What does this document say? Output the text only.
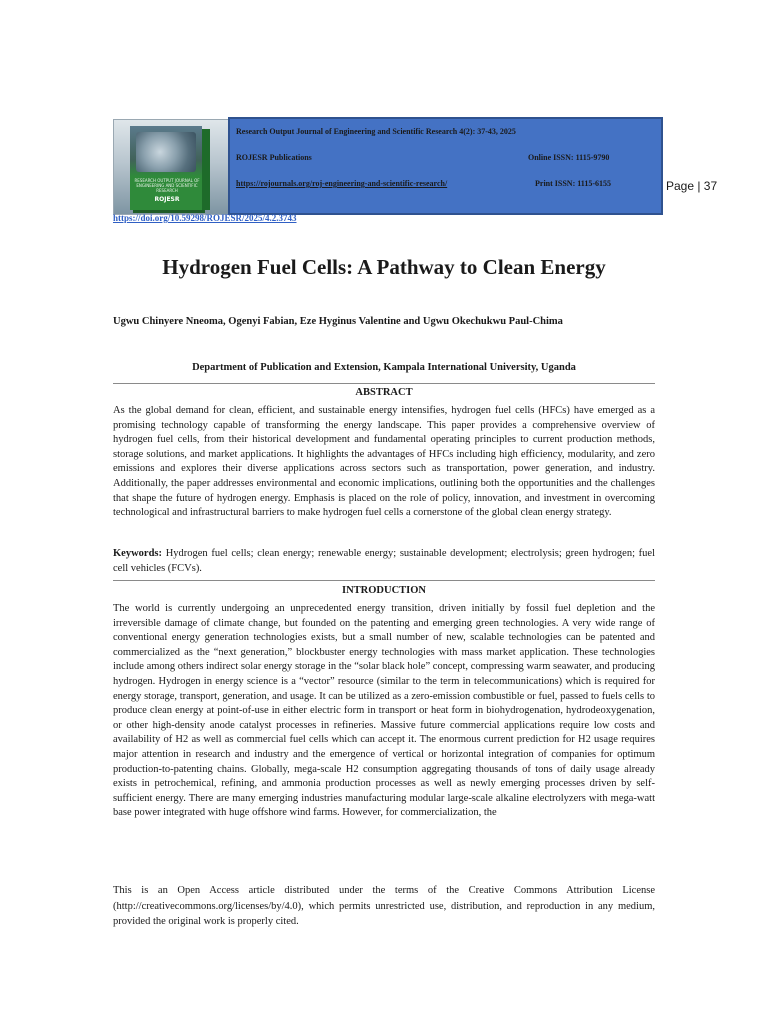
RESEARCH OUTPUT JOURNAL OF ENGINEERING AND SCIENTIFIC RESEARCH
ROJESR
Research Output Journal of Engineering and Scientific Research 4(2): 37-43, 2025
ROJESR Publications	Online ISSN: 1115-9790
https://rojournals.org/roj-engineering-and-scientific-research/	Print ISSN: 1115-6155	Page | 37
https://doi.org/10.59298/ROJESR/2025/4.2.3743
Hydrogen Fuel Cells: A Pathway to Clean Energy
Ugwu Chinyere Nneoma, Ogenyi Fabian, Eze Hyginus Valentine and Ugwu Okechukwu Paul-Chima
Department of Publication and Extension, Kampala International University, Uganda
ABSTRACT

As the global demand for clean, efficient, and sustainable energy intensifies, hydrogen fuel cells (HFCs) have emerged as a promising technology capable of transforming the energy landscape. This paper provides a comprehensive overview of hydrogen fuel cells, from their historical development and fundamental operating principles to current production methods, storage solutions, and market applications. It highlights the advantages of HFCs including high efficiency, modularity, and zero emissions and explores their diverse applications across sectors such as transportation, power generation, and industry. Additionally, the paper addresses environmental and economic implications, outlining both the opportunities and the challenges that shape the future of hydrogen energy. Emphasis is placed on the role of policy, innovation, and investment in overcoming technological and infrastructural barriers to make hydrogen fuel cells a cornerstone of the global clean energy strategy.

Keywords: Hydrogen fuel cells; clean energy; renewable energy; sustainable development; electrolysis; green hydrogen; fuel cell vehicles (FCVs).

INTRODUCTION

The world is currently undergoing an unprecedented energy transition, driven initially by fossil fuel depletion and the irreversible damage of climate change, but founded on the patenting and emerging green technologies. A very wide range of conventional energy generation technologies exists, but a small number of new, scalable technologies can be patented and commercialized as the “next generation,” blockbuster energy technologies with mass market application. These technologies include among others indirect solar energy storage in the “solar black hole” concept, compressing warm seawater, and producing hydrogen. Hydrogen in energy science is a “vector” resource (similar to the term in telecommunications) which is required for energy storage, transport, generation, and usage. It can be utilized as a zero-emission combustible or fuel, passed to fuels cells to produce clean energy at point-of-use in either electric form in transport or heat form in biohydrogenation, hydrodeoxygenation, or other high-density anode catalyst processes in refineries. Massive future commercial applications require low costs and availability of H2 as well as commercial fuel cells which can accept it. The enormous current prediction for H2 usage requires major attention in research and industry and the emergence of vertical or horizontal integration of companies for optimum production-to-patenting chains. Globally, mega-scale H2 consumption aggregating thousands of tons of daily usage already exists in petrochemical, refining, and ammonia production processes as well as newly emerging processes driven by self-sufficient energy. There are many emerging industries manufacturing modular large-scale alkaline electrolyzers with mega-watt base power integrated with huge offshore wind farms. However, for commercialization, the

This is an Open Access article distributed under the terms of the Creative Commons Attribution License (http://creativecommons.org/licenses/by/4.0), which permits unrestricted use, distribution, and reproduction in any medium, provided the original work is properly cited.
